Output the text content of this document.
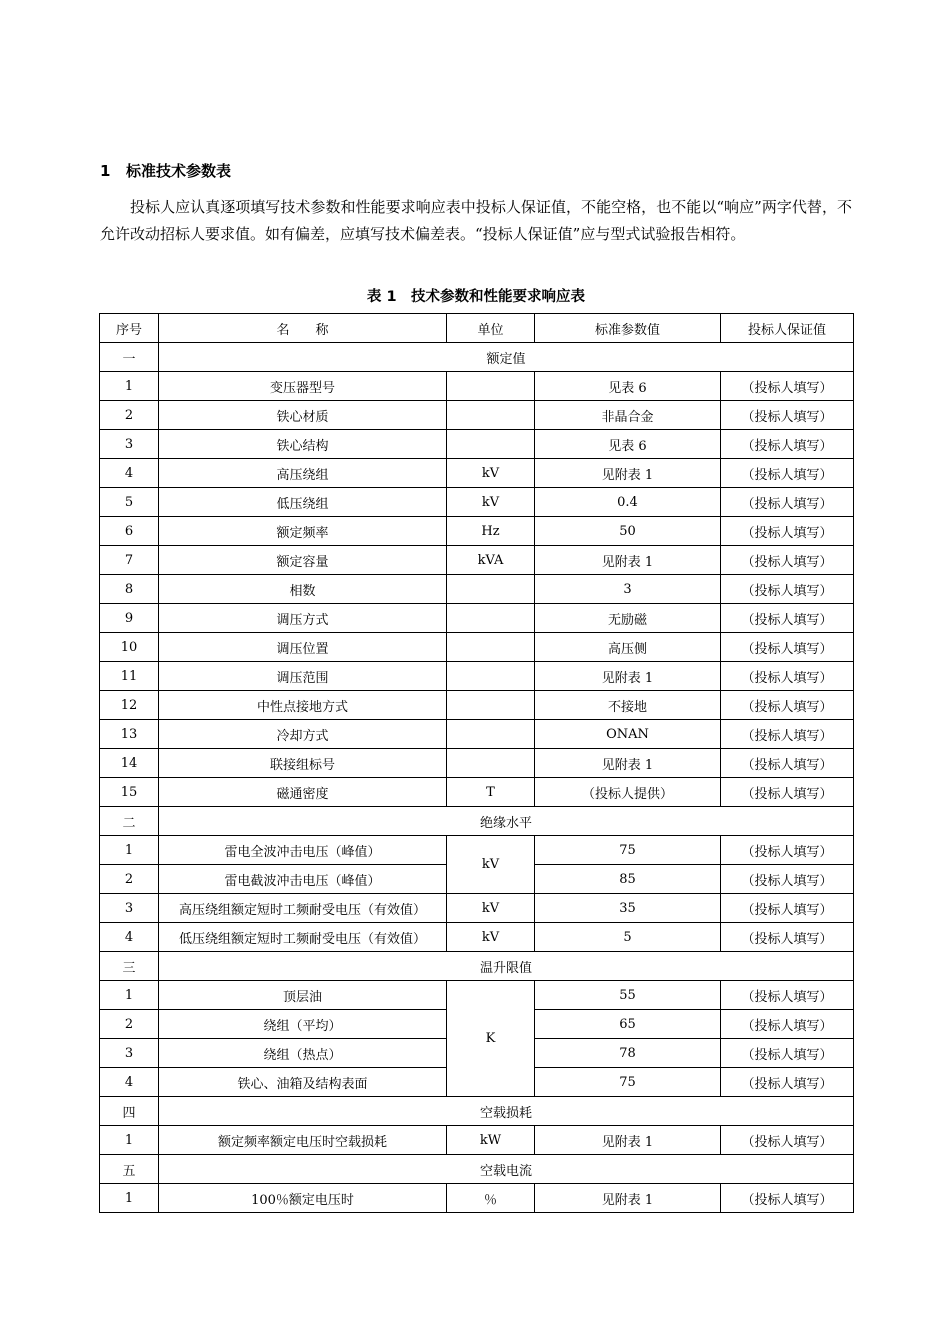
1 标准技术参数表

投标人应认真逐项填写技术参数和性能要求响应表中投标人保证值，不能空格，也不能以“响应”两字代替，不允许改动招标人要求值。如有偏差，应填写技术偏差表。“投标人保证值”应与型式试验报告相符。

表 1　技术参数和性能要求响应表
序号	名　　称	单位	标准参数值	投标人保证值
一	额定值			
1	变压器型号		见表 6	（投标人填写）
2	铁心材质		非晶合金	（投标人填写）
3	铁心结构		见表 6	（投标人填写）
4	高压绕组	kV	见附表 1	（投标人填写）
5	低压绕组	kV	0.4	（投标人填写）
6	额定频率	Hz	50	（投标人填写）
7	额定容量	kVA	见附表 1	（投标人填写）
8	相数		3	（投标人填写）
9	调压方式		无励磁	（投标人填写）
10	调压位置		高压侧	（投标人填写）
11	调压范围		见附表 1	（投标人填写）
12	中性点接地方式		不接地	（投标人填写）
13	冷却方式		ONAN	（投标人填写）
14	联接组标号		见附表 1	（投标人填写）
15	磁通密度	T	（投标人提供）	（投标人填写）
二	绝缘水平			
1	雷电全波冲击电压（峰值）	kV	75	（投标人填写）
2	雷电截波冲击电压（峰值）		85	（投标人填写）
3	高压绕组额定短时工频耐受电压（有效值）	kV	35	（投标人填写）
4	低压绕组额定短时工频耐受电压（有效值）	kV	5	（投标人填写）
三	温升限值			
1	顶层油	K	55	（投标人填写）
2	绕组（平均）		65	（投标人填写）
3	绕组（热点）		78	（投标人填写）
4	铁心、油箱及结构表面		75	（投标人填写）
四	空载损耗			
1	额定频率额定电压时空载损耗	kW	见附表 1	（投标人填写）
五	空载电流			
1	100％额定电压时	％	见附表 1	（投标人填写）
